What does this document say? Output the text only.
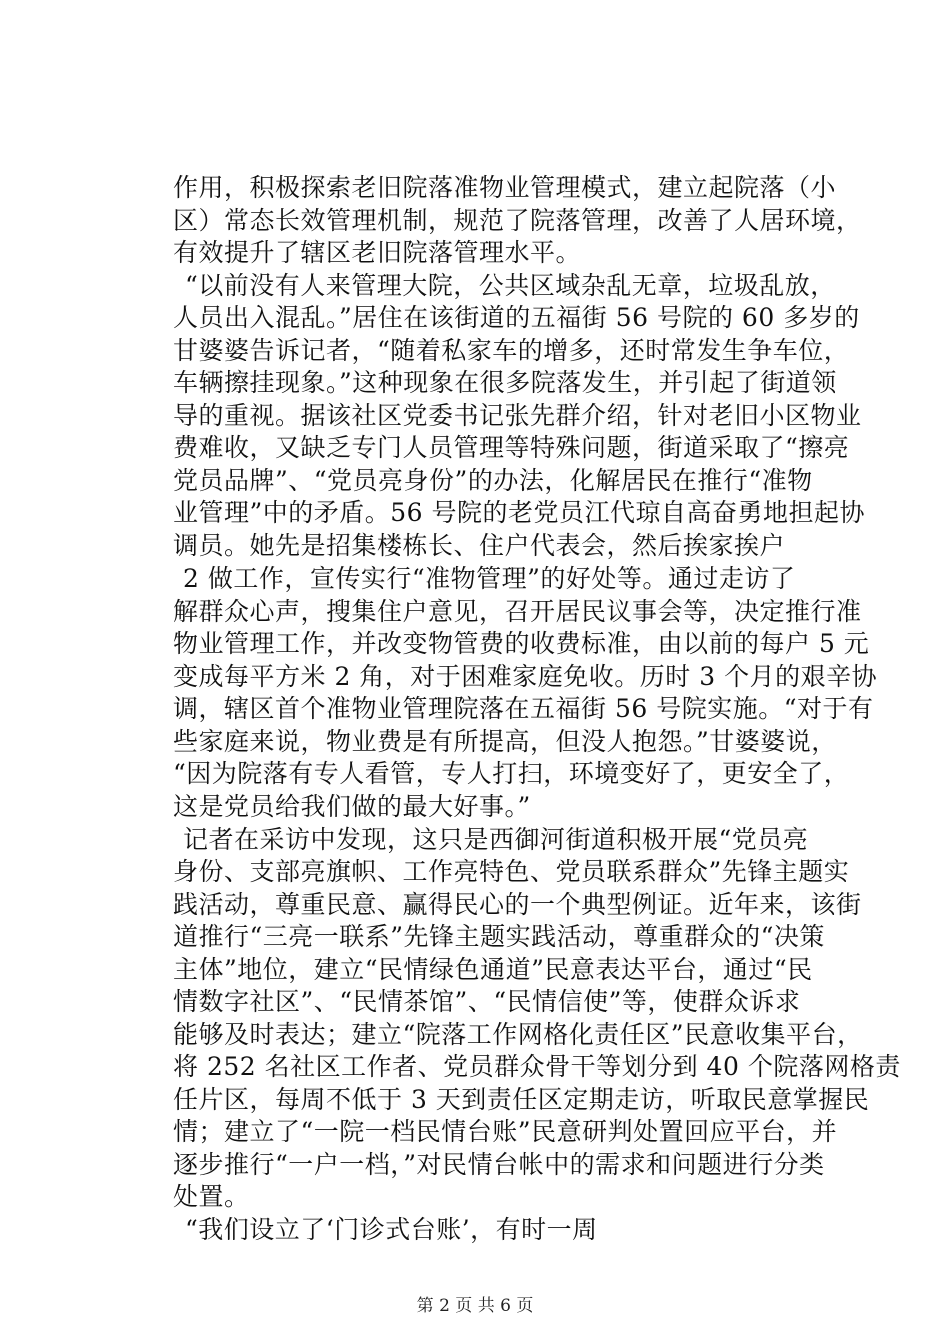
作用，积极探索老旧院落准物业管理模式，建立起院落（小
区）常态长效管理机制，规范了院落管理，改善了人居环境，
有效提升了辖区老旧院落管理水平。
“以前没有人来管理大院，公共区域杂乱无章，垃圾乱放，
人员出入混乱。”居住在该街道的五福街 56 号院的 60 多岁的
甘婆婆告诉记者，“随着私家车的增多，还时常发生争车位，
车辆擦挂现象。”这种现象在很多院落发生，并引起了街道领
导的重视。据该社区党委书记张先群介绍，针对老旧小区物业
费难收，又缺乏专门人员管理等特殊问题，街道采取了“擦亮
党员品牌”、“党员亮身份”的办法，化解居民在推行“准物
业管理”中的矛盾。56 号院的老党员江代琼自高奋勇地担起协
调员。她先是招集楼栋长、住户代表会，然后挨家挨户
2 做工作，宣传实行“准物管理”的好处等。通过走访了
解群众心声，搜集住户意见，召开居民议事会等，决定推行准
物业管理工作，并改变物管费的收费标准，由以前的每户 5 元
变成每平方米 2 角，对于困难家庭免收。历时 3 个月的艰辛协
调，辖区首个准物业管理院落在五福街 56 号院实施。“对于有
些家庭来说，物业费是有所提高，但没人抱怨。”甘婆婆说，
“因为院落有专人看管，专人打扫，环境变好了，更安全了，
这是党员给我们做的最大好事。”
记者在采访中发现，这只是西御河街道积极开展“党员亮
身份、支部亮旗帜、工作亮特色、党员联系群众”先锋主题实
践活动，尊重民意、赢得民心的一个典型例证。近年来，该街
道推行“三亮一联系”先锋主题实践活动，尊重群众的“决策
主体”地位，建立“民情绿色通道”民意表达平台，通过“民
情数字社区”、“民情茶馆”、“民情信使”等，使群众诉求
能够及时表达；建立“院落工作网格化责任区”民意收集平台，
将 252 名社区工作者、党员群众骨干等划分到 40 个院落网格责
任片区，每周不低于 3 天到责任区定期走访，听取民意掌握民
情；建立了“一院一档民情台账”民意研判处置回应平台，并
逐步推行“一户一档，”对民情台帐中的需求和问题进行分类
处置。
“我们设立了‘门诊式台账’，有时一周
第 2 页 共 6 页
